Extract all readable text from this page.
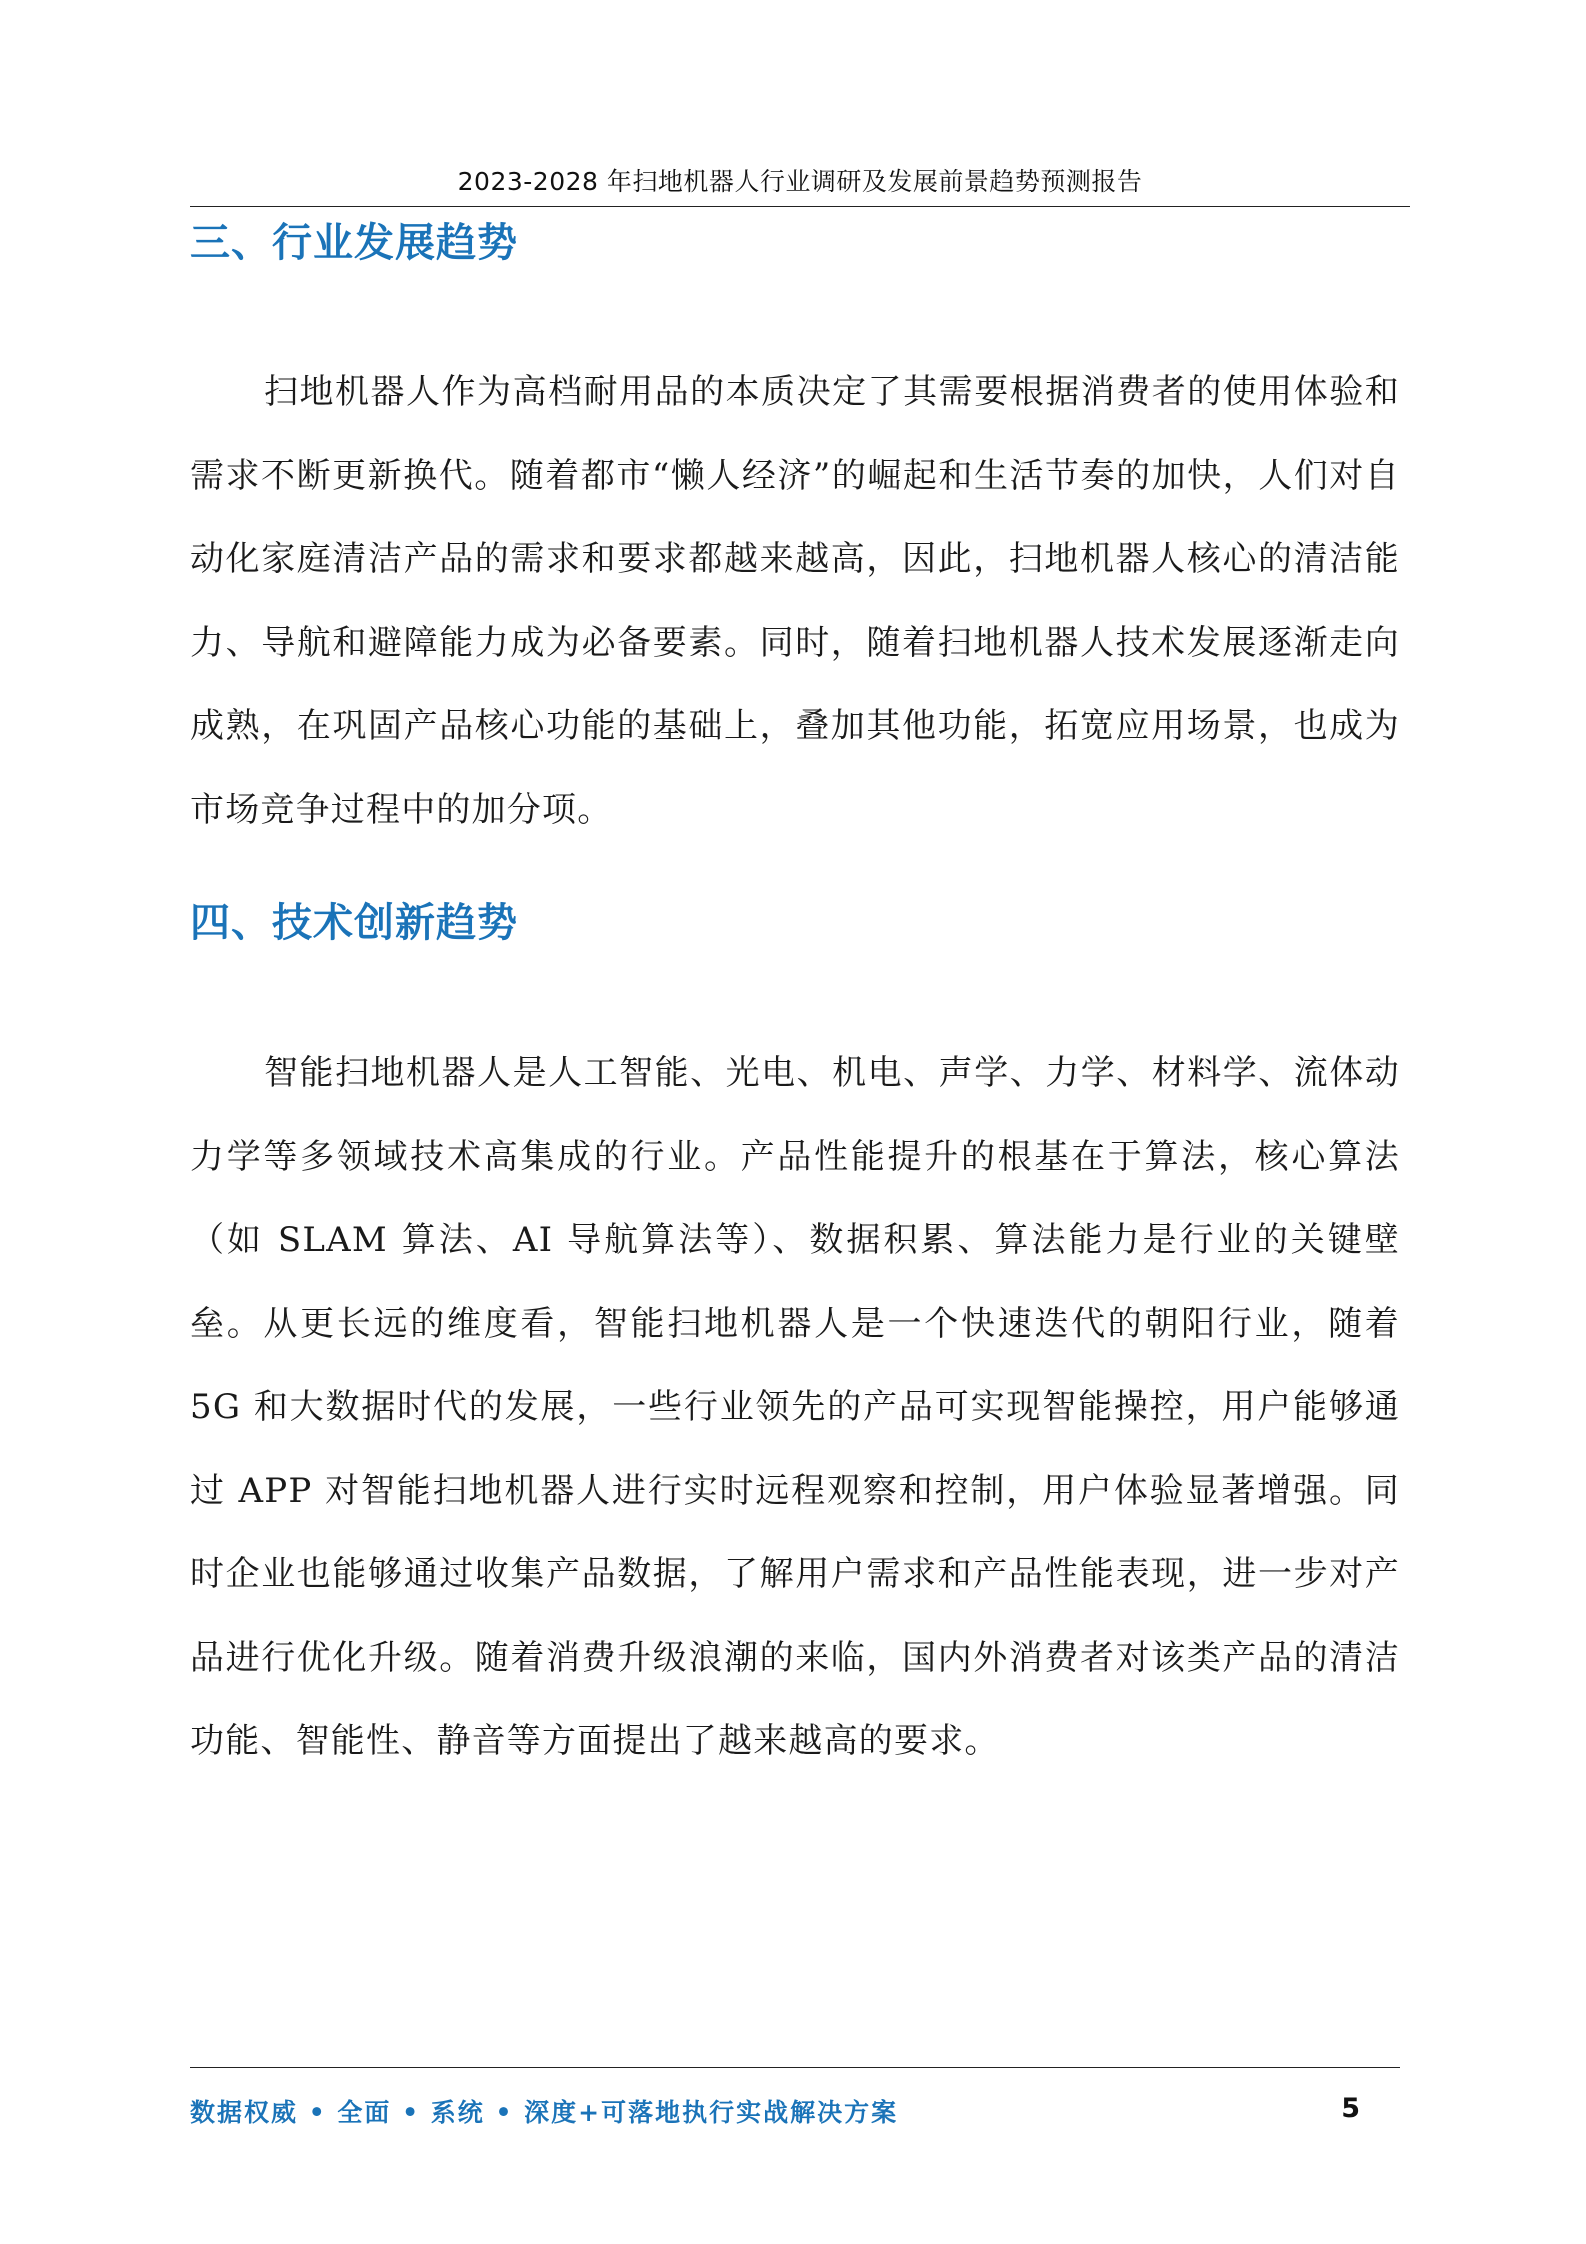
2023-2028 年扫地机器人行业调研及发展前景趋势预测报告
三、行业发展趋势
扫地机器人作为高档耐用品的本质决定了其需要根据消费者的使用体验和需求不断更新换代。随着都市“懒人经济”的崛起和生活节奏的加快，人们对自动化家庭清洁产品的需求和要求都越来越高，因此，扫地机器人核心的清洁能力、导航和避障能力成为必备要素。同时，随着扫地机器人技术发展逐渐走向成熟，在巩固产品核心功能的基础上，叠加其他功能，拓宽应用场景，也成为市场竞争过程中的加分项。
四、技术创新趋势
智能扫地机器人是人工智能、光电、机电、声学、力学、材料学、流体动力学等多领域技术高集成的行业。产品性能提升的根基在于算法，核心算法（如 SLAM 算法、AI 导航算法等）、数据积累、算法能力是行业的关键壁垒。从更长远的维度看，智能扫地机器人是一个快速迭代的朝阳行业，随着 5G 和大数据时代的发展，一些行业领先的产品可实现智能操控，用户能够通过 APP 对智能扫地机器人进行实时远程观察和控制，用户体验显著增强。同时企业也能够通过收集产品数据，了解用户需求和产品性能表现，进一步对产品进行优化升级。随着消费升级浪潮的来临，国内外消费者对该类产品的清洁功能、智能性、静音等方面提出了越来越高的要求。
数据权威 • 全面 • 系统 • 深度+可落地执行实战解决方案	5
